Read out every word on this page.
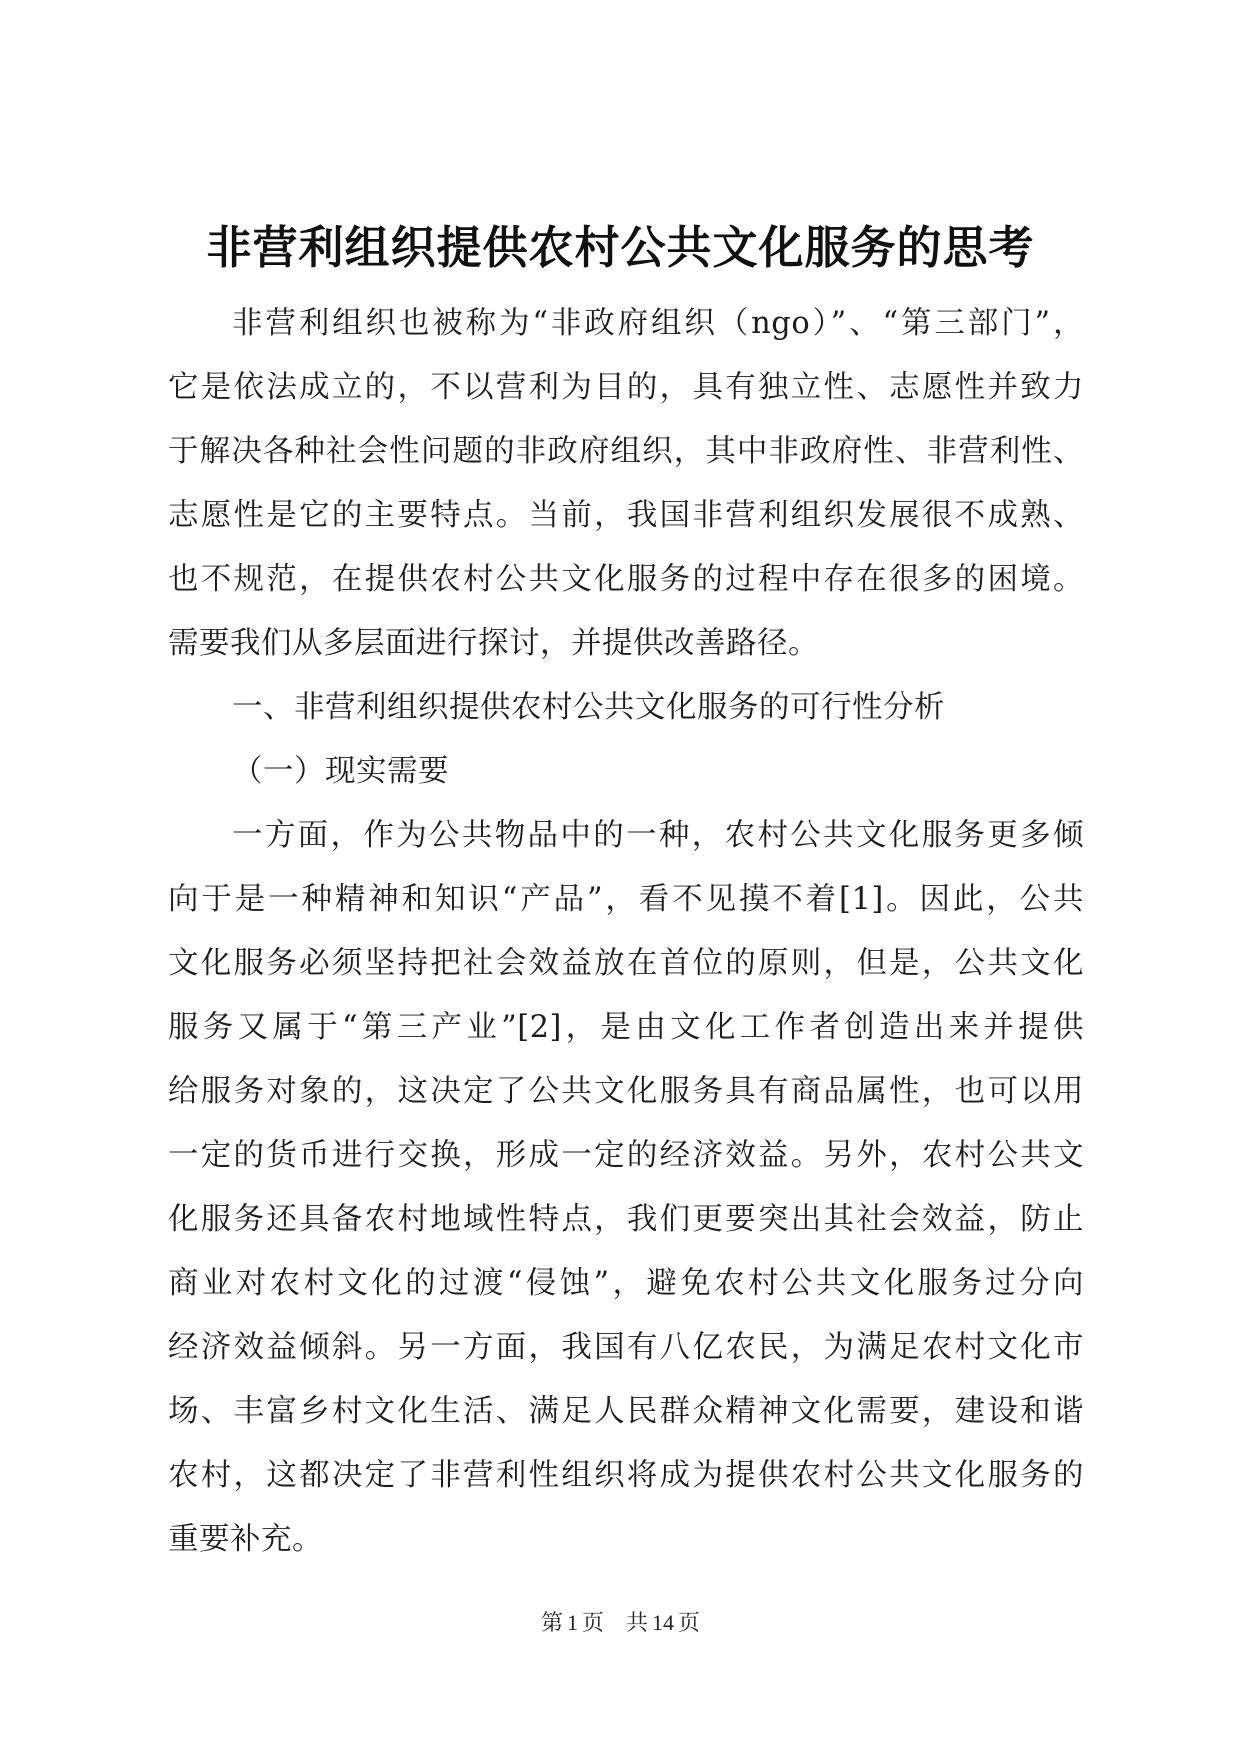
非营利组织提供农村公共文化服务的思考
非营利组织也被称为“非政府组织（ngo）”、“第三部门”，
它是依法成立的，不以营利为目的，具有独立性、志愿性并致力
于解决各种社会性问题的非政府组织，其中非政府性、非营利性、
志愿性是它的主要特点。当前，我国非营利组织发展很不成熟、
也不规范，在提供农村公共文化服务的过程中存在很多的困境。
需要我们从多层面进行探讨，并提供改善路径。
一、非营利组织提供农村公共文化服务的可行性分析
（一）现实需要
一方面，作为公共物品中的一种，农村公共文化服务更多倾
向于是一种精神和知识“产品”，看不见摸不着[1]。因此，公共
文化服务必须坚持把社会效益放在首位的原则，但是，公共文化
服务又属于“第三产业”[2]，是由文化工作者创造出来并提供
给服务对象的，这决定了公共文化服务具有商品属性，也可以用
一定的货币进行交换，形成一定的经济效益。另外，农村公共文
化服务还具备农村地域性特点，我们更要突出其社会效益，防止
商业对农村文化的过渡“侵蚀”，避免农村公共文化服务过分向
经济效益倾斜。另一方面，我国有八亿农民，为满足农村文化市
场、丰富乡村文化生活、满足人民群众精神文化需要，建设和谐
农村，这都决定了非营利性组织将成为提供农村公共文化服务的
重要补充。
第 1 页 共 14 页
